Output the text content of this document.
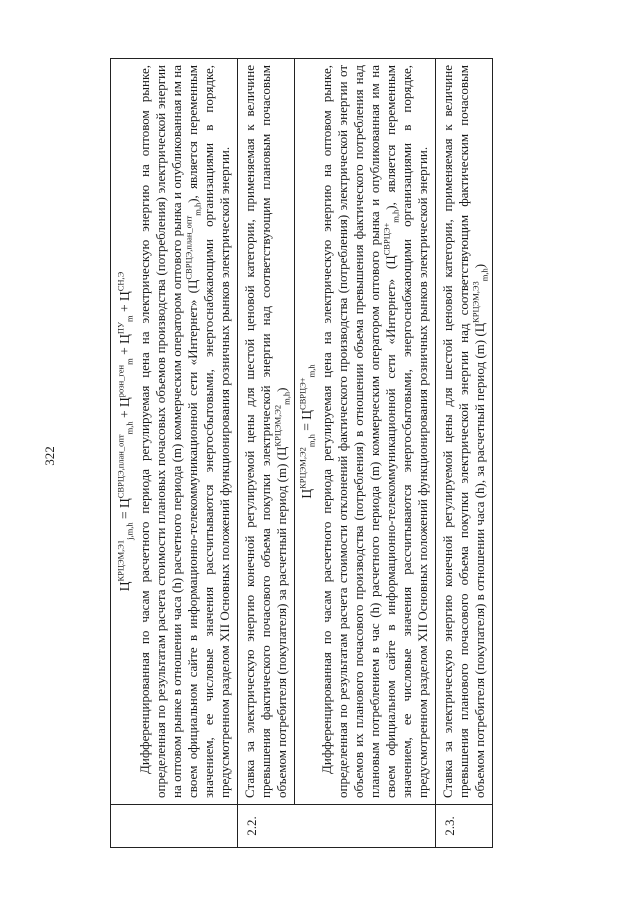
322

	$Ц^{КРЦЭМ,Э1}_{j,m,h} = Ц^{СВРЦЭ,план\_опт}_{m,h} + Ц^{розн\_ген}_m + Ц^{ПУ}_m + Ц^{СН,Э}$ Дифференцированная по часам расчетного периода регулируемая цена на электрическую энергию на оптовом рынке, определенная по результатам расчета стоимости плановых почасовых объемов производства (потребления) электрической энергии на оптовом рынке в отношении часа (h) расчетного периода (m) коммерческим оператором оптового рынка и опубликованная им на своем официальном сайте в информационно-телекоммуникационной сети «Интернет» $(Ц^{СВРЦЭ,план\_опт}_{m,h})$, является переменным значением, ее числовые значения рассчитываются энергосбытовыми, энергоснабжающими организациями в порядке, предусмотренном разделом XII Основных положений функционирования розничных рынков электрической энергии.

2.2.	Ставка за электрическую энергию конечной регулируемой цены для шестой ценовой категории, применяемая к величине превышения фактического почасового объема покупки электрической энергии над соответствующим плановым почасовым объемом потребителя (покупателя) за расчетный период (m) $(Ц^{КРЦЭМ,Э2}_{m,h})$
$Ц^{КРЦЭМ,Э2}_{m,h} = Ц^{СВРЦЭ+}_{m,h}$ Дифференцированная по часам расчетного периода регулируемая цена на электрическую энергию на оптовом рынке, определенная по результатам расчета стоимости отклонений фактического производства (потребления) электрической энергии от объемов их планового почасового производства (потребления) в отношении объема превышения фактического потребления над плановым потреблением в час (h) расчетного периода (m) коммерческим оператором оптового рынка и опубликованная им на своем официальном сайте в информационно-телекоммуникационной сети «Интернет» $(Ц^{СВРЦЭ+}_{m,h})$, является переменным значением, ее числовые значения рассчитываются энергосбытовыми, энергоснабжающими организациями в порядке, предусмотренном разделом XII Основных положений функционирования розничных рынков электрической энергии.

2.3.	Ставка за электрическую энергию конечной регулируемой цены для шестой ценовой категории, применяемая к величине превышения планового почасового объема покупки электрической энергии над соответствующим фактическим почасовым объемом потребителя (покупателя) в отношении часа (h), за расчетный период (m) $(Ц^{КРЦЭМ,Э3}_{m,h})$
